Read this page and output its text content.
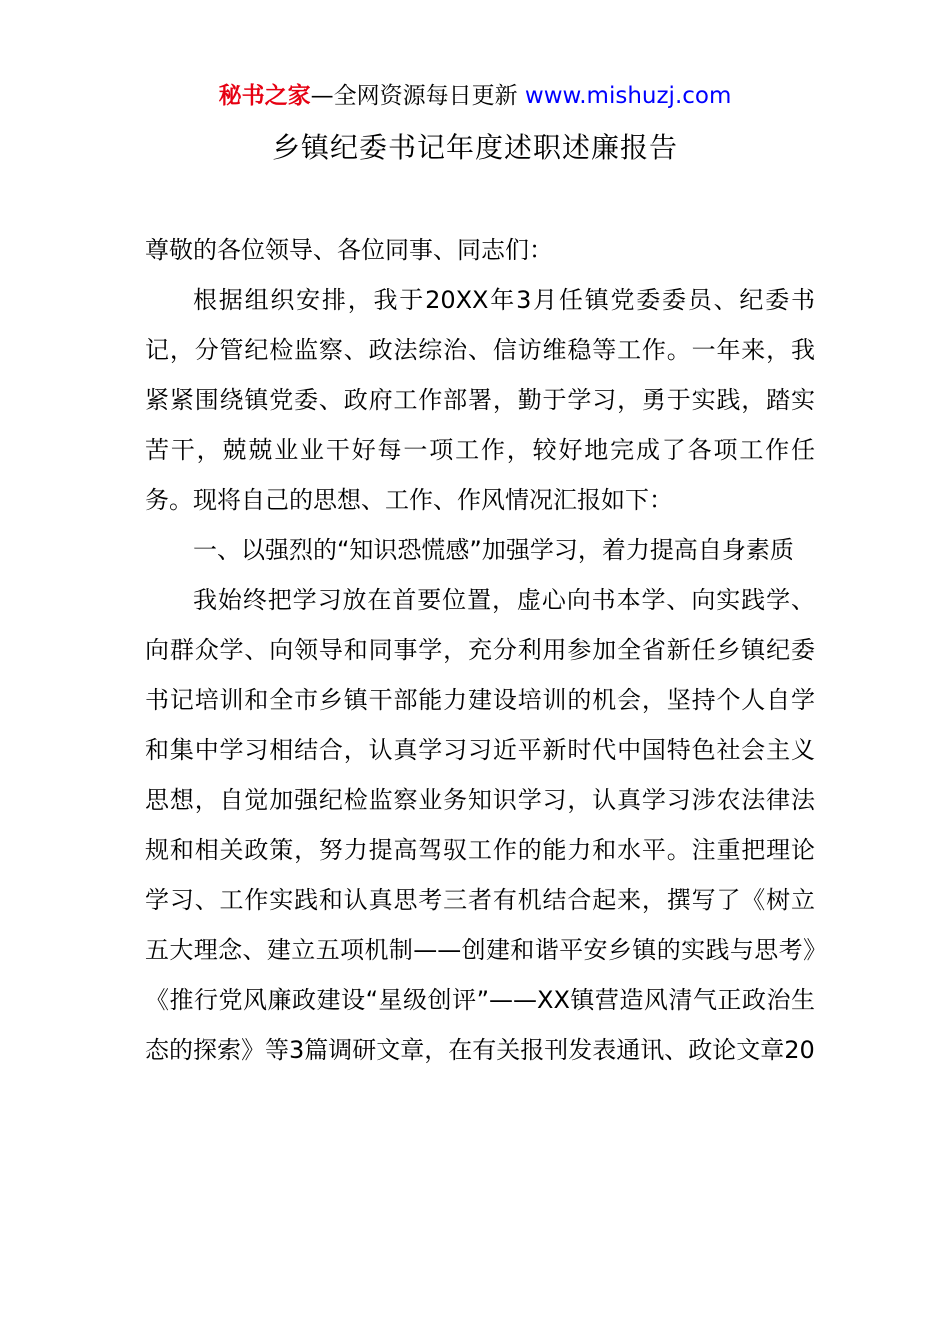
秘书之家—全网资源每日更新 www.mishuzj.com
乡镇纪委书记年度述职述廉报告

尊敬的各位领导、各位同事、同志们：

根据组织安排，我于20XX年3月任镇党委委员、纪委书记，分管纪检监察、政法综治、信访维稳等工作。一年来，我紧紧围绕镇党委、政府工作部署，勤于学习，勇于实践，踏实苦干，兢兢业业干好每一项工作，较好地完成了各项工作任务。现将自己的思想、工作、作风情况汇报如下：

一、以强烈的“知识恐慌感”加强学习，着力提高自身素质

我始终把学习放在首要位置，虚心向书本学、向实践学、向群众学、向领导和同事学，充分利用参加全省新任乡镇纪委书记培训和全市乡镇干部能力建设培训的机会，坚持个人自学和集中学习相结合，认真学习习近平新时代中国特色社会主义思想，自觉加强纪检监察业务知识学习，认真学习涉农法律法规和相关政策，努力提高驾驭工作的能力和水平。注重把理论学习、工作实践和认真思考三者有机结合起来，撰写了《树立五大理念、建立五项机制——创建和谐平安乡镇的实践与思考》《推行党风廉政建设“星级创评”——XX镇营造风清气正政治生态的探索》等3篇调研文章，在有关报刊发表通讯、政论文章20
